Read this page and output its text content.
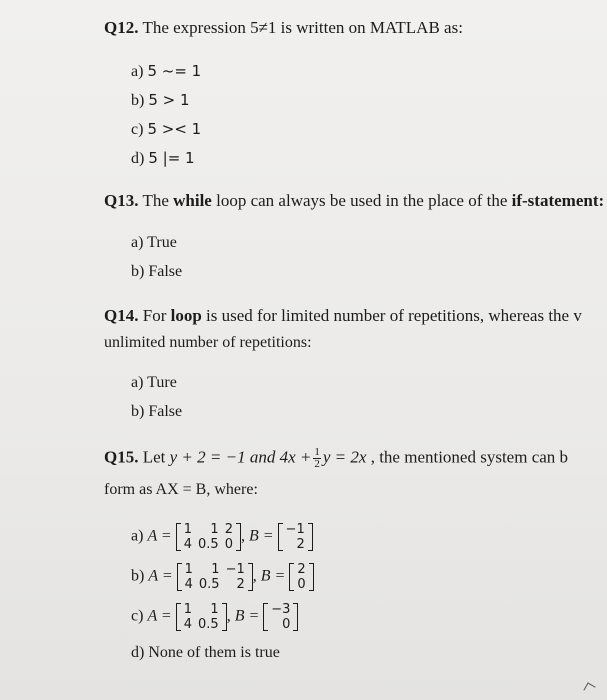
Q12. The expression 5≠1 is written on MATLAB as:
a) 5 ~= 1
b) 5 > 1
c) 5 >< 1
d) 5 |= 1
Q13. The while loop can always be used in the place of the if-statement:
a) True
b) False
Q14. For loop is used for limited number of repetitions, whereas the v
unlimited number of repetitions:
a) Ture
b) False
Q15. Let y + 2 = −1 and $4x + \frac{1}{2}$ y = 2x , the mentioned system can b
form as AX = B, where:
a) A = 1	1	2
4	0.5	0 , B = −1
2
b) A = 1	1	−1
4	0.5	2 , B = 2
0
c) A = 1	1
4	0.5 , B = −3
0
d) None of them is true
